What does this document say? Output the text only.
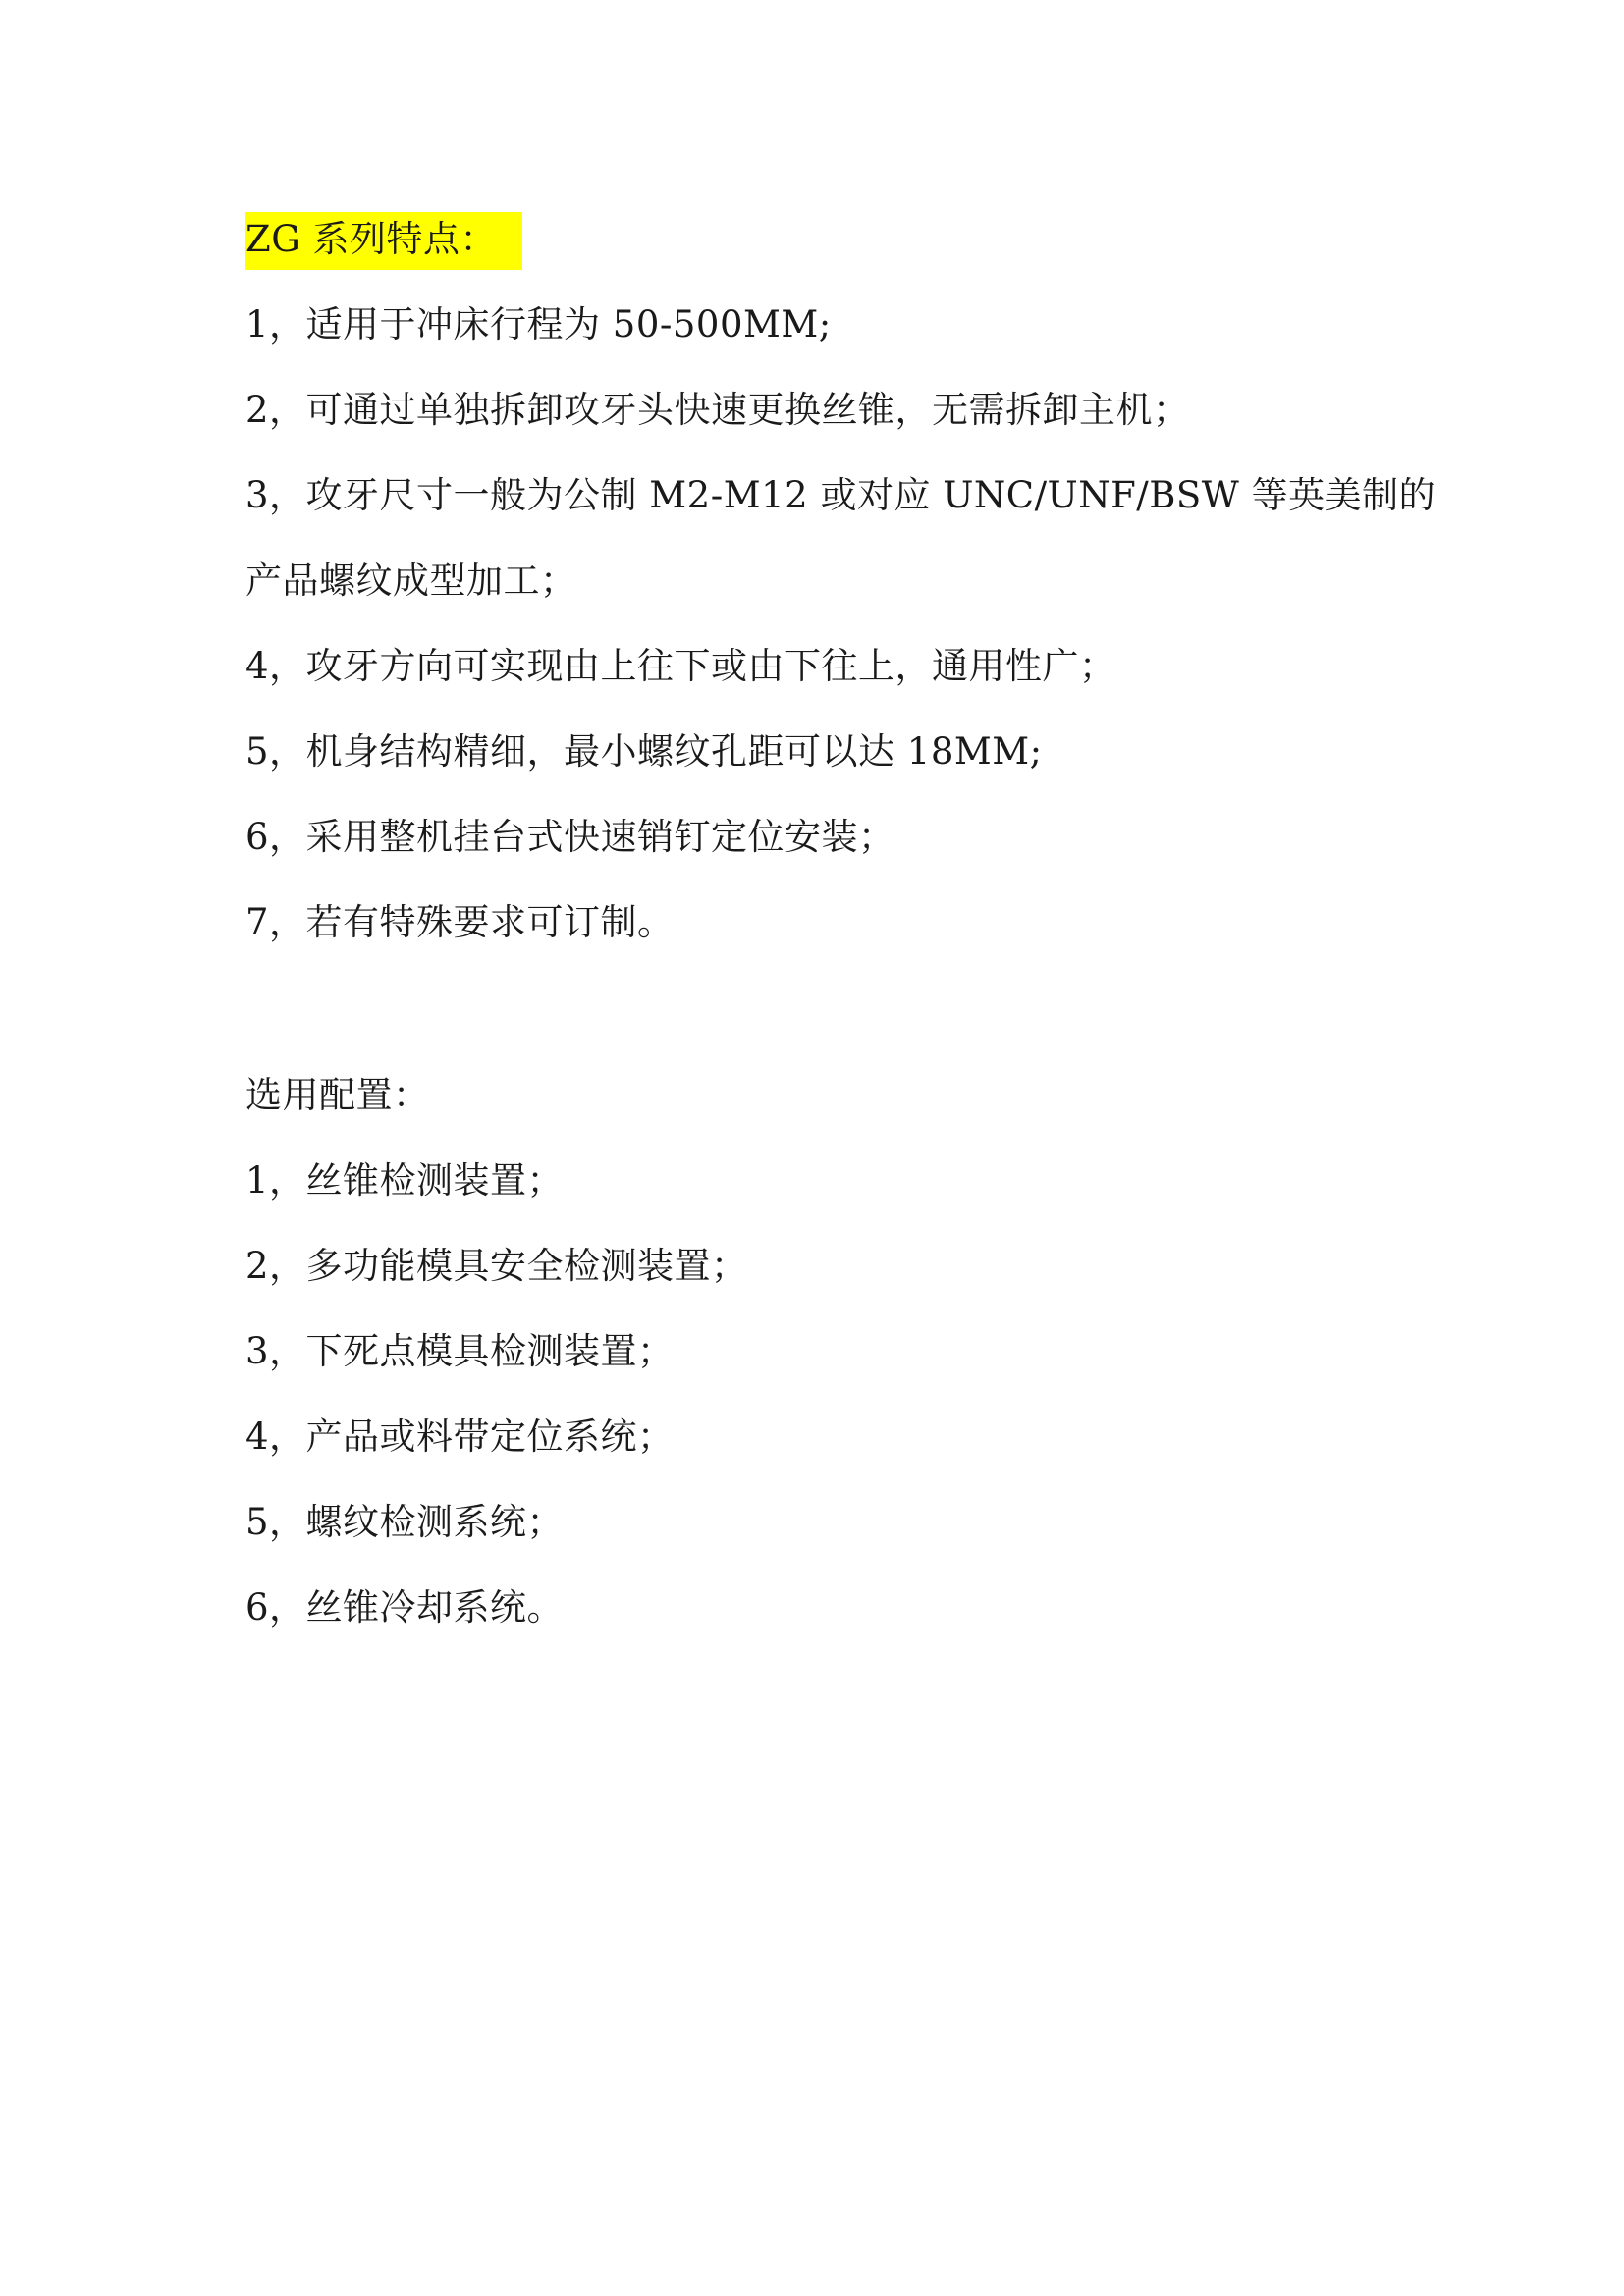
ZG 系列特点：
1，适用于冲床行程为 50-500MM;
2，可通过单独拆卸攻牙头快速更换丝锥，无需拆卸主机；
3，攻牙尺寸一般为公制 M2-M12 或对应 UNC/UNF/BSW 等英美制的
产品螺纹成型加工；
4，攻牙方向可实现由上往下或由下往上，通用性广；
5，机身结构精细，最小螺纹孔距可以达 18MM;
6，采用整机挂台式快速销钉定位安装；
7，若有特殊要求可订制。
选用配置：
1，丝锥检测装置；
2，多功能模具安全检测装置；
3，下死点模具检测装置；
4，产品或料带定位系统；
5，螺纹检测系统；
6，丝锥冷却系统。
